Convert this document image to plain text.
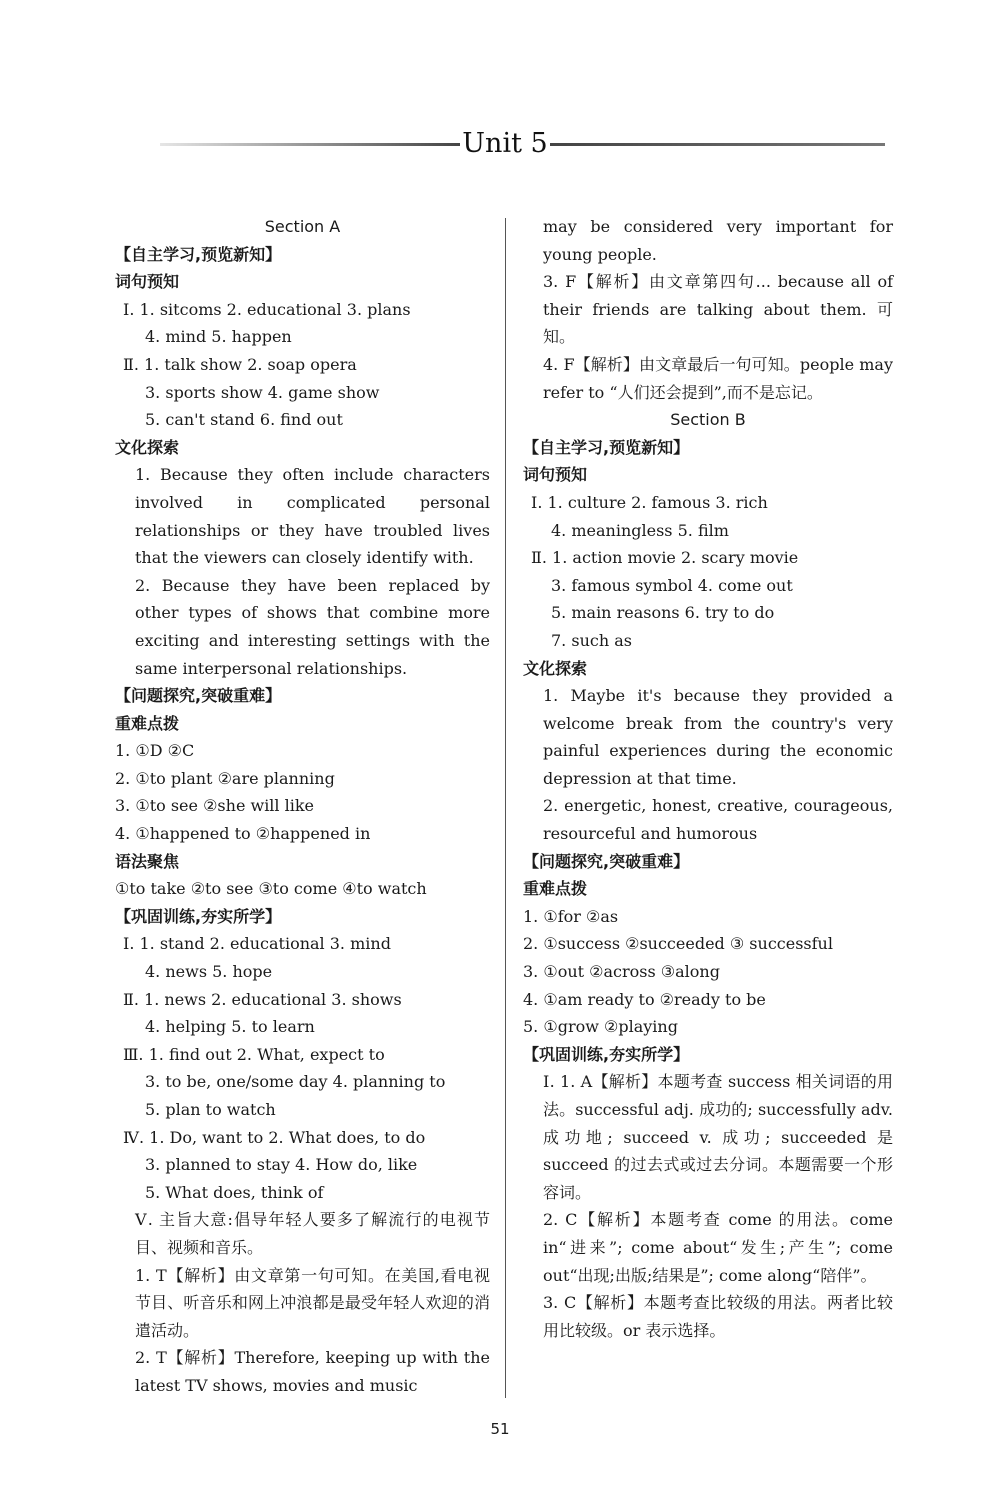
Unit 5
Section A
【自主学习,预览新知】
词句预知
Ⅰ. 1. sitcoms 2. educational 3. plans
4. mind 5. happen
Ⅱ. 1. talk show 2. soap opera
3. sports show 4. game show
5. can't stand 6. find out
文化探索
1. Because they often include characters involved in complicated personal relationships or they have troubled lives that the viewers can closely identify with.
2. Because they have been replaced by other types of shows that combine more exciting and interesting settings with the same interpersonal relationships.
【问题探究,突破重难】
重难点拨
1. ①D ②C
2. ①to plant ②are planning
3. ①to see ②she will like
4. ①happened to ②happened in
语法聚焦
①to take ②to see ③to come ④to watch
【巩固训练,夯实所学】
Ⅰ. 1. stand 2. educational 3. mind
4. news 5. hope
Ⅱ. 1. news 2. educational 3. shows
4. helping 5. to learn
Ⅲ. 1. find out 2. What, expect to
3. to be, one/some day 4. planning to
5. plan to watch
Ⅳ. 1. Do, want to 2. What does, to do
3. planned to stay 4. How do, like
5. What does, think of
Ⅴ. 主旨大意:倡导年轻人要多了解流行的电视节目、视频和音乐。
1. T【解析】由文章第一句可知。在美国,看电视节目、听音乐和网上冲浪都是最受年轻人欢迎的消遣活动。
2. T【解析】Therefore, keeping up with the latest TV shows, movies and music
may be considered very important for young people.
3. F【解析】由文章第四句... because all of their friends are talking about them. 可知。
4. F【解析】由文章最后一句可知。people may refer to “人们还会提到”,而不是忘记。
Section B
【自主学习,预览新知】
词句预知
Ⅰ. 1. culture 2. famous 3. rich
4. meaningless 5. film
Ⅱ. 1. action movie 2. scary movie
3. famous symbol 4. come out
5. main reasons 6. try to do
7. such as
文化探索
1. Maybe it's because they provided a welcome break from the country's very painful experiences during the economic depression at that time.
2. energetic, honest, creative, courageous, resourceful and humorous
【问题探究,突破重难】
重难点拨
1. ①for ②as
2. ①success ②succeeded ③ successful
3. ①out ②across ③along
4. ①am ready to ②ready to be
5. ①grow ②playing
【巩固训练,夯实所学】
Ⅰ. 1. A【解析】本题考查 success 相关词语的用法。successful adj. 成功的; successfully adv. 成功地; succeed v. 成功; succeeded 是 succeed 的过去式或过去分词。本题需要一个形容词。
2. C【解析】本题考查 come 的用法。come in“进来”; come about“发生;产生”; come out“出现;出版;结果是”; come along“陪伴”。
3. C【解析】本题考查比较级的用法。两者比较用比较级。or 表示选择。
51
